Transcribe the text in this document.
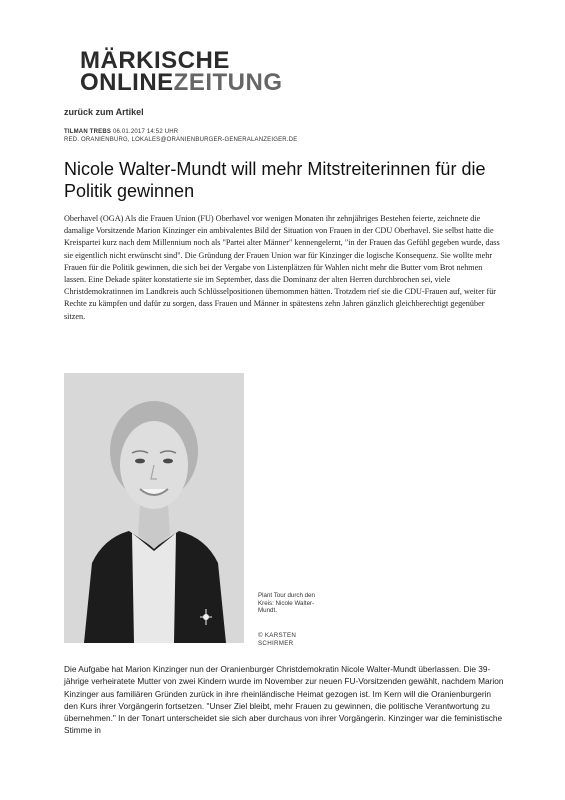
MÄRKISCHE
ONLINEZEITUNG
zurück zum Artikel
TILMAN TREBS 06.01.2017 14:52 UHR
RED. ORANIENBURG, LOKALES@ORANIENBURGER-GENERALANZEIGER.DE
Nicole Walter-Mundt will mehr Mitstreiterinnen für die Politik gewinnen
Oberhavel (OGA) Als die Frauen Union (FU) Oberhavel vor wenigen Monaten ihr zehnjähriges Bestehen feierte, zeichnete die damalige Vorsitzende Marion Kinzinger ein ambivalentes Bild der Situation von Frauen in der CDU Oberhavel. Sie selbst hatte die Kreispartei kurz nach dem Millennium noch als "Partei alter Männer" kennengelernt, "in der Frauen das Gefühl gegeben wurde, dass sie eigentlich nicht erwünscht sind". Die Gründung der Frauen Union war für Kinzinger die logische Konsequenz. Sie wollte mehr Frauen für die Politik gewinnen, die sich bei der Vergabe von Listenplätzen für Wahlen nicht mehr die Butter vom Brot nehmen lassen. Eine Dekade später konstatierte sie im September, dass die Dominanz der alten Herren durchbrochen sei, viele Christdemokratinnen im Landkreis auch Schlüsselpositionen übernommen hätten. Trotzdem rief sie die CDU-Frauen auf, weiter für Rechte zu kämpfen und dafür zu sorgen, dass Frauen und Männer in spätestens zehn Jahren gänzlich gleichberechtigt gegenüber sitzen.
Plant Tour durch den Kreis: Nicole Walter-Mundt.
© KARSTEN SCHIRMER
Die Aufgabe hat Marion Kinzinger nun der Oranienburger Christdemokratin Nicole Walter-Mundt überlassen. Die 39-jährige verheiratete Mutter von zwei Kindern wurde im November zur neuen FU-Vorsitzenden gewählt, nachdem Marion Kinzinger aus familiären Gründen zurück in ihre rheinländische Heimat gezogen ist. Im Kern will die Oranienburgerin den Kurs ihrer Vorgängerin fortsetzen. "Unser Ziel bleibt, mehr Frauen zu gewinnen, die politische Verantwortung zu übernehmen." In der Tonart unterscheidet sie sich aber durchaus von ihrer Vorgängerin. Kinzinger war die feministische Stimme in
